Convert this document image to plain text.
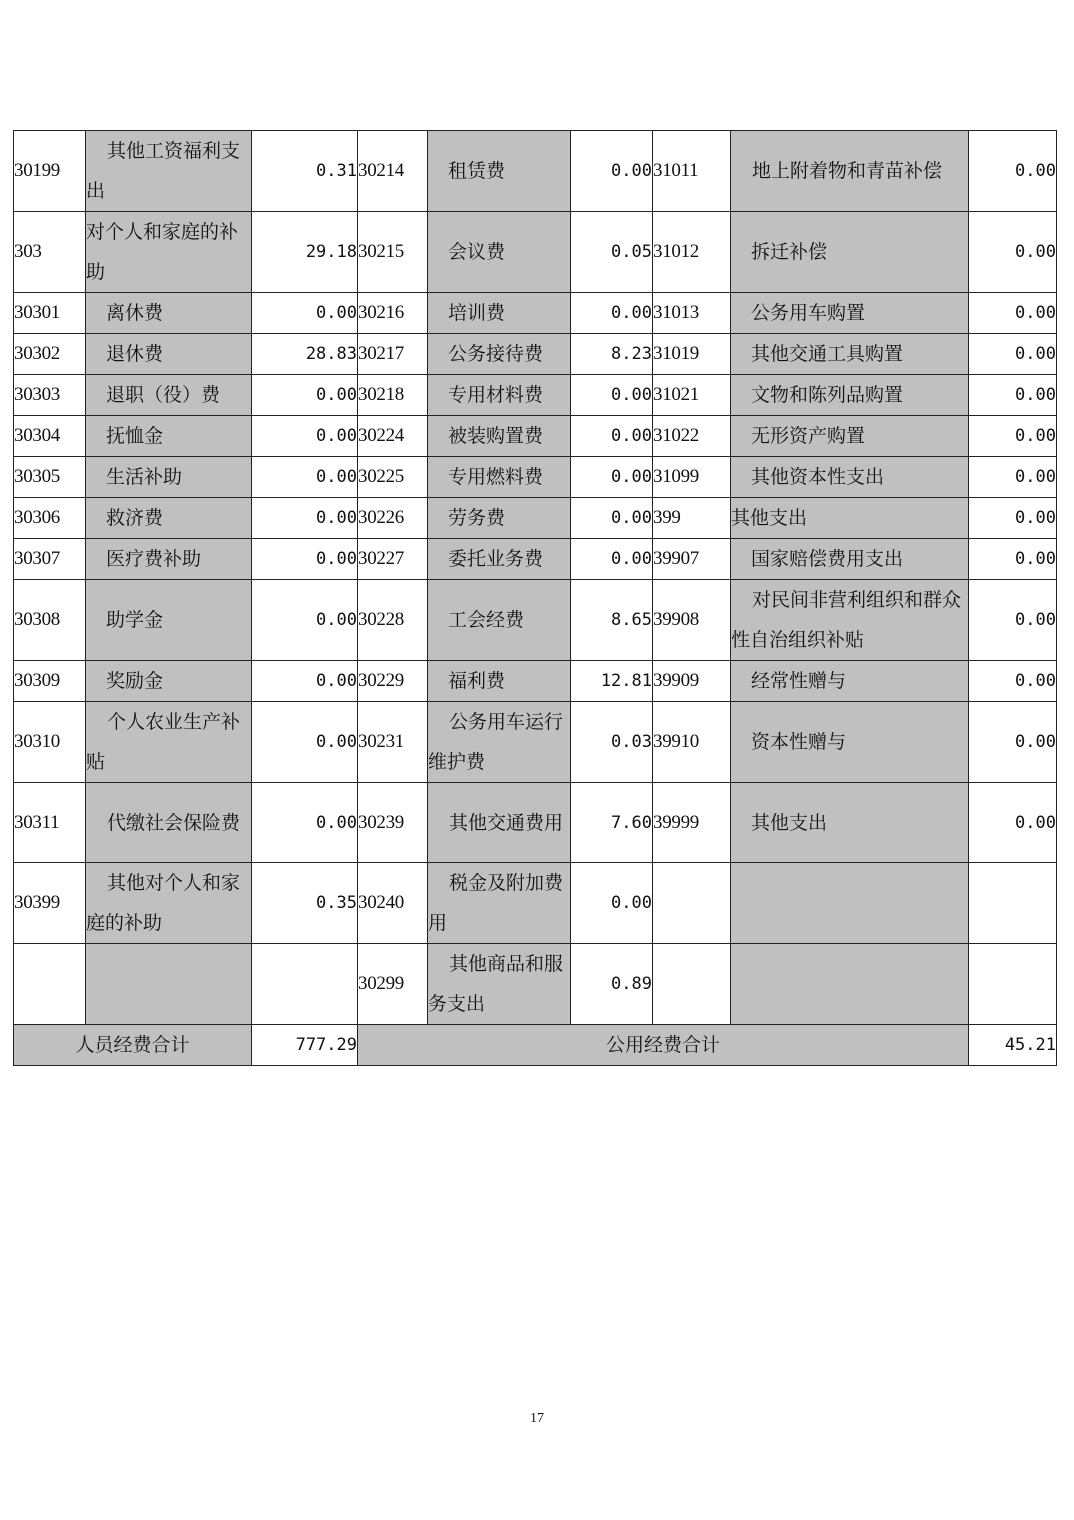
30199	其他工资福利支出	0.31	30214	租赁费	0.00	31011	地上附着物和青苗补偿	0.00
303	对个人和家庭的补助	29.18	30215	会议费	0.05	31012	拆迁补偿	0.00
30301	离休费	0.00	30216	培训费	0.00	31013	公务用车购置	0.00
30302	退休费	28.83	30217	公务接待费	8.23	31019	其他交通工具购置	0.00
30303	退职（役）费	0.00	30218	专用材料费	0.00	31021	文物和陈列品购置	0.00
30304	抚恤金	0.00	30224	被装购置费	0.00	31022	无形资产购置	0.00
30305	生活补助	0.00	30225	专用燃料费	0.00	31099	其他资本性支出	0.00
30306	救济费	0.00	30226	劳务费	0.00	399	其他支出	0.00
30307	医疗费补助	0.00	30227	委托业务费	0.00	39907	国家赔偿费用支出	0.00
30308	助学金	0.00	30228	工会经费	8.65	39908	对民间非营利组织和群众性自治组织补贴	0.00
30309	奖励金	0.00	30229	福利费	12.81	39909	经常性赠与	0.00
30310	个人农业生产补贴	0.00	30231	公务用车运行维护费	0.03	39910	资本性赠与	0.00
30311	代缴社会保险费	0.00	30239	其他交通费用	7.60	39999	其他支出	0.00
30399	其他对个人和家庭的补助	0.35	30240	税金及附加费用	0.00			
			30299	其他商品和服务支出	0.89			
人员经费合计		777.29	公用经费合计					45.21
17
